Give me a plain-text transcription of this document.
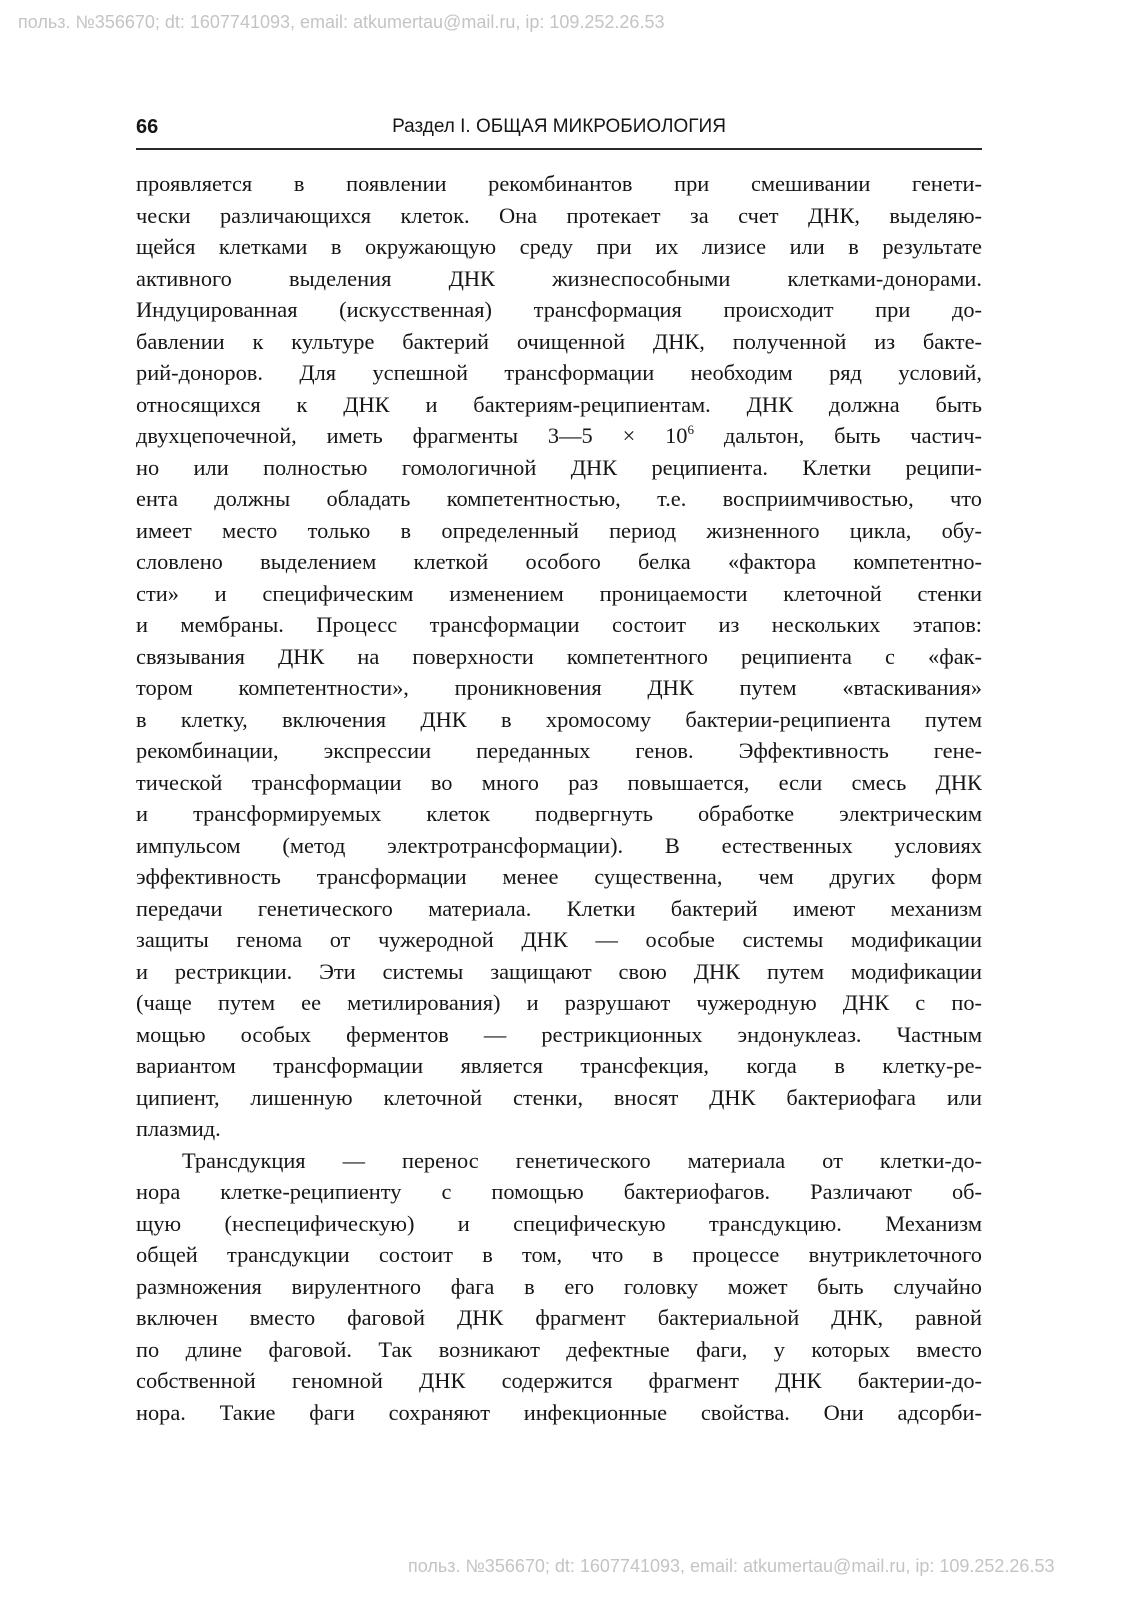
польз. №356670; dt: 1607741093, email: atkumertau@mail.ru, ip: 109.252.26.53

66	Раздел I. ОБЩАЯ МИКРОБИОЛОГИЯ

проявляется в появлении рекомбинантов при смешивании генети-

чески различающихся клеток. Она протекает за счет ДНК, выделяю-

щейся клетками в окружающую среду при их лизисе или в результате

активного выделения ДНК жизнеспособными клетками-донорами.

Индуцированная (искусственная) трансформация происходит при до-

бавлении к культуре бактерий очищенной ДНК, полученной из бакте-

рий-доноров. Для успешной трансформации необходим ряд условий,

относящихся к ДНК и бактериям-реципиентам. ДНК должна быть

двухцепочечной, иметь фрагменты 3—5 × $10^6$ дальтон, быть частич-

но или полностью гомологичной ДНК реципиента. Клетки реципи-

ента должны обладать компетентностью, т.е. восприимчивостью, что

имеет место только в определенный период жизненного цикла, обу-

словлено выделением клеткой особого белка «фактора компетентно-

сти» и специфическим изменением проницаемости клеточной стенки

и мембраны. Процесс трансформации состоит из нескольких этапов:

связывания ДНК на поверхности компетентного реципиента с «фак-

тором компетентности», проникновения ДНК путем «втаскивания»

в клетку, включения ДНК в хромосому бактерии-реципиента путем

рекомбинации, экспрессии переданных генов. Эффективность гене-

тической трансформации во много раз повышается, если смесь ДНК

и трансформируемых клеток подвергнуть обработке электрическим

импульсом (метод электротрансформации). В естественных условиях

эффективность трансформации менее существенна, чем других форм

передачи генетического материала. Клетки бактерий имеют механизм

защиты генома от чужеродной ДНК — особые системы модификации

и рестрикции. Эти системы защищают свою ДНК путем модификации

(чаще путем ее метилирования) и разрушают чужеродную ДНК с по-

мощью особых ферментов — рестрикционных эндонуклеаз. Частным

вариантом трансформации является трансфекция, когда в клетку-ре-

ципиент, лишенную клеточной стенки, вносят ДНК бактериофага или

плазмид.

Трансдукция — перенос генетического материала от клетки-до-

нора клетке-реципиенту с помощью бактериофагов. Различают об-

щую (неспецифическую) и специфическую трансдукцию. Механизм

общей трансдукции состоит в том, что в процессе внутриклеточного

размножения вирулентного фага в его головку может быть случайно

включен вместо фаговой ДНК фрагмент бактериальной ДНК, равной

по длине фаговой. Так возникают дефектные фаги, у которых вместо

собственной геномной ДНК содержится фрагмент ДНК бактерии-до-

нора. Такие фаги сохраняют инфекционные свойства. Они адсорби-

польз. №356670; dt: 1607741093, email: atkumertau@mail.ru, ip: 109.252.26.53
